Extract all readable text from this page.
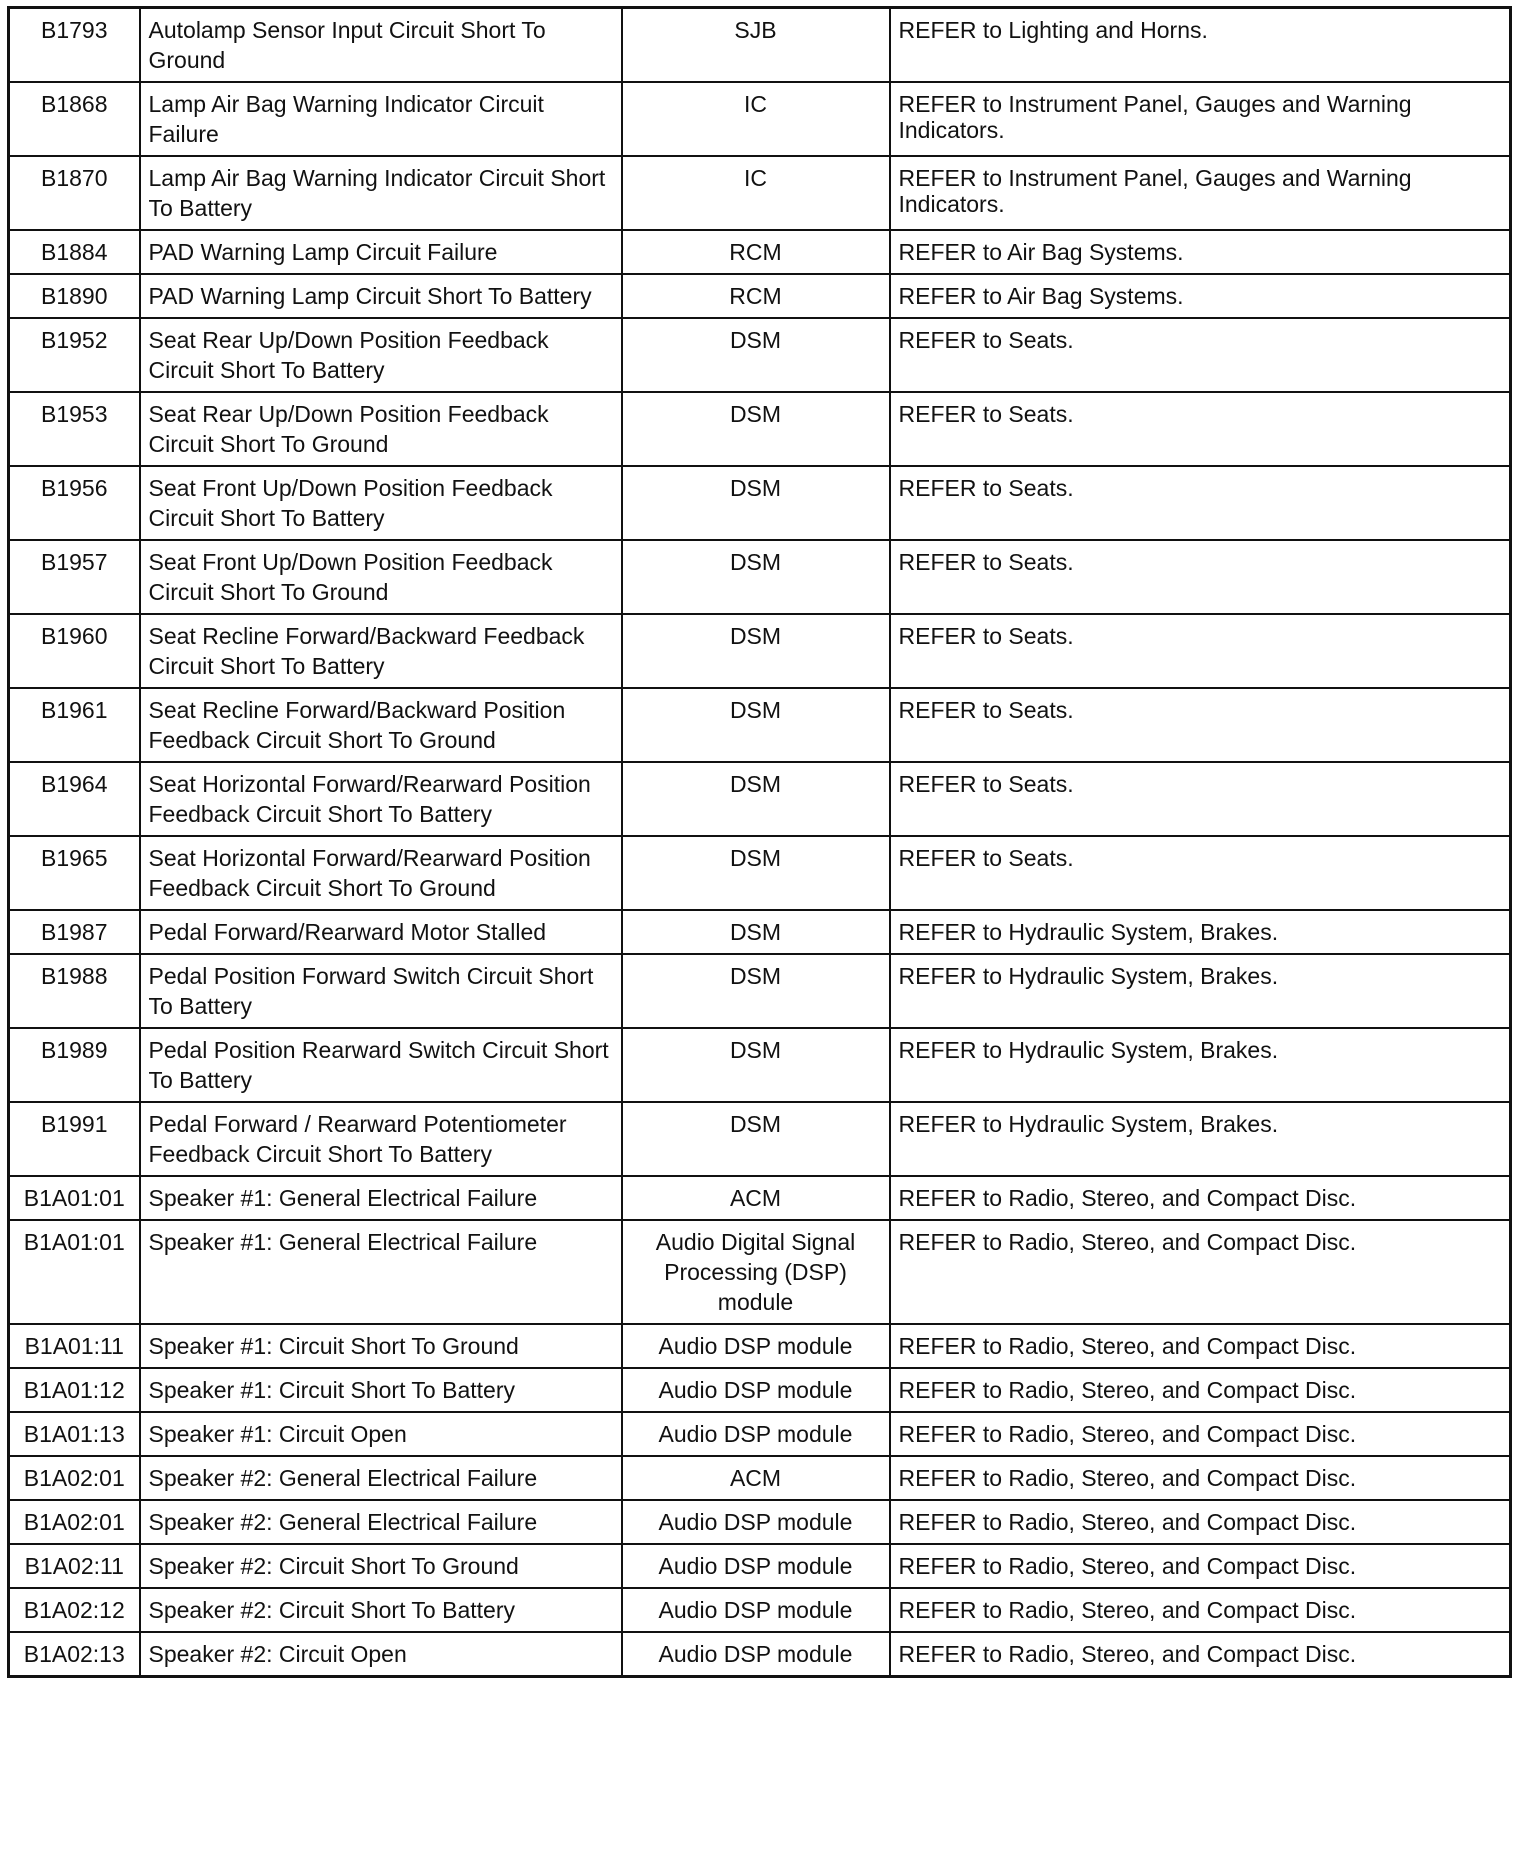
B1793	Autolamp Sensor Input Circuit Short To Ground	SJB	REFER to Lighting and Horns.

B1868	Lamp Air Bag Warning Indicator Circuit Failure	IC	REFER to Instrument Panel, Gauges and Warning Indicators.

B1870	Lamp Air Bag Warning Indicator Circuit Short To Battery	IC	REFER to Instrument Panel, Gauges and Warning Indicators.

B1884	PAD Warning Lamp Circuit Failure	RCM	REFER to Air Bag Systems.

B1890	PAD Warning Lamp Circuit Short To Battery	RCM	REFER to Air Bag Systems.

B1952	Seat Rear Up/Down Position Feedback Circuit Short To Battery	DSM	REFER to Seats.

B1953	Seat Rear Up/Down Position Feedback Circuit Short To Ground	DSM	REFER to Seats.

B1956	Seat Front Up/Down Position Feedback Circuit Short To Battery	DSM	REFER to Seats.

B1957	Seat Front Up/Down Position Feedback Circuit Short To Ground	DSM	REFER to Seats.

B1960	Seat Recline Forward/Backward Feedback Circuit Short To Battery	DSM	REFER to Seats.

B1961	Seat Recline Forward/Backward Position Feedback Circuit Short To Ground	DSM	REFER to Seats.

B1964	Seat Horizontal Forward/Rearward Position Feedback Circuit Short To Battery	DSM	REFER to Seats.

B1965	Seat Horizontal Forward/Rearward Position Feedback Circuit Short To Ground	DSM	REFER to Seats.

B1987	Pedal Forward/Rearward Motor Stalled	DSM	REFER to Hydraulic System, Brakes.

B1988	Pedal Position Forward Switch Circuit Short To Battery	DSM	REFER to Hydraulic System, Brakes.

B1989	Pedal Position Rearward Switch Circuit Short To Battery	DSM	REFER to Hydraulic System, Brakes.

B1991	Pedal Forward / Rearward Potentiometer Feedback Circuit Short To Battery	DSM	REFER to Hydraulic System, Brakes.

B1A01:01	Speaker #1: General Electrical Failure	ACM	REFER to Radio, Stereo, and Compact Disc.

B1A01:01	Speaker #1: General Electrical Failure	Audio Digital Signal Processing (DSP) module	REFER to Radio, Stereo, and Compact Disc.

B1A01:11	Speaker #1: Circuit Short To Ground	Audio DSP module	REFER to Radio, Stereo, and Compact Disc.

B1A01:12	Speaker #1: Circuit Short To Battery	Audio DSP module	REFER to Radio, Stereo, and Compact Disc.

B1A01:13	Speaker #1: Circuit Open	Audio DSP module	REFER to Radio, Stereo, and Compact Disc.

B1A02:01	Speaker #2: General Electrical Failure	ACM	REFER to Radio, Stereo, and Compact Disc.

B1A02:01	Speaker #2: General Electrical Failure	Audio DSP module	REFER to Radio, Stereo, and Compact Disc.

B1A02:11	Speaker #2: Circuit Short To Ground	Audio DSP module	REFER to Radio, Stereo, and Compact Disc.

B1A02:12	Speaker #2: Circuit Short To Battery	Audio DSP module	REFER to Radio, Stereo, and Compact Disc.

B1A02:13	Speaker #2: Circuit Open	Audio DSP module	REFER to Radio, Stereo, and Compact Disc.
